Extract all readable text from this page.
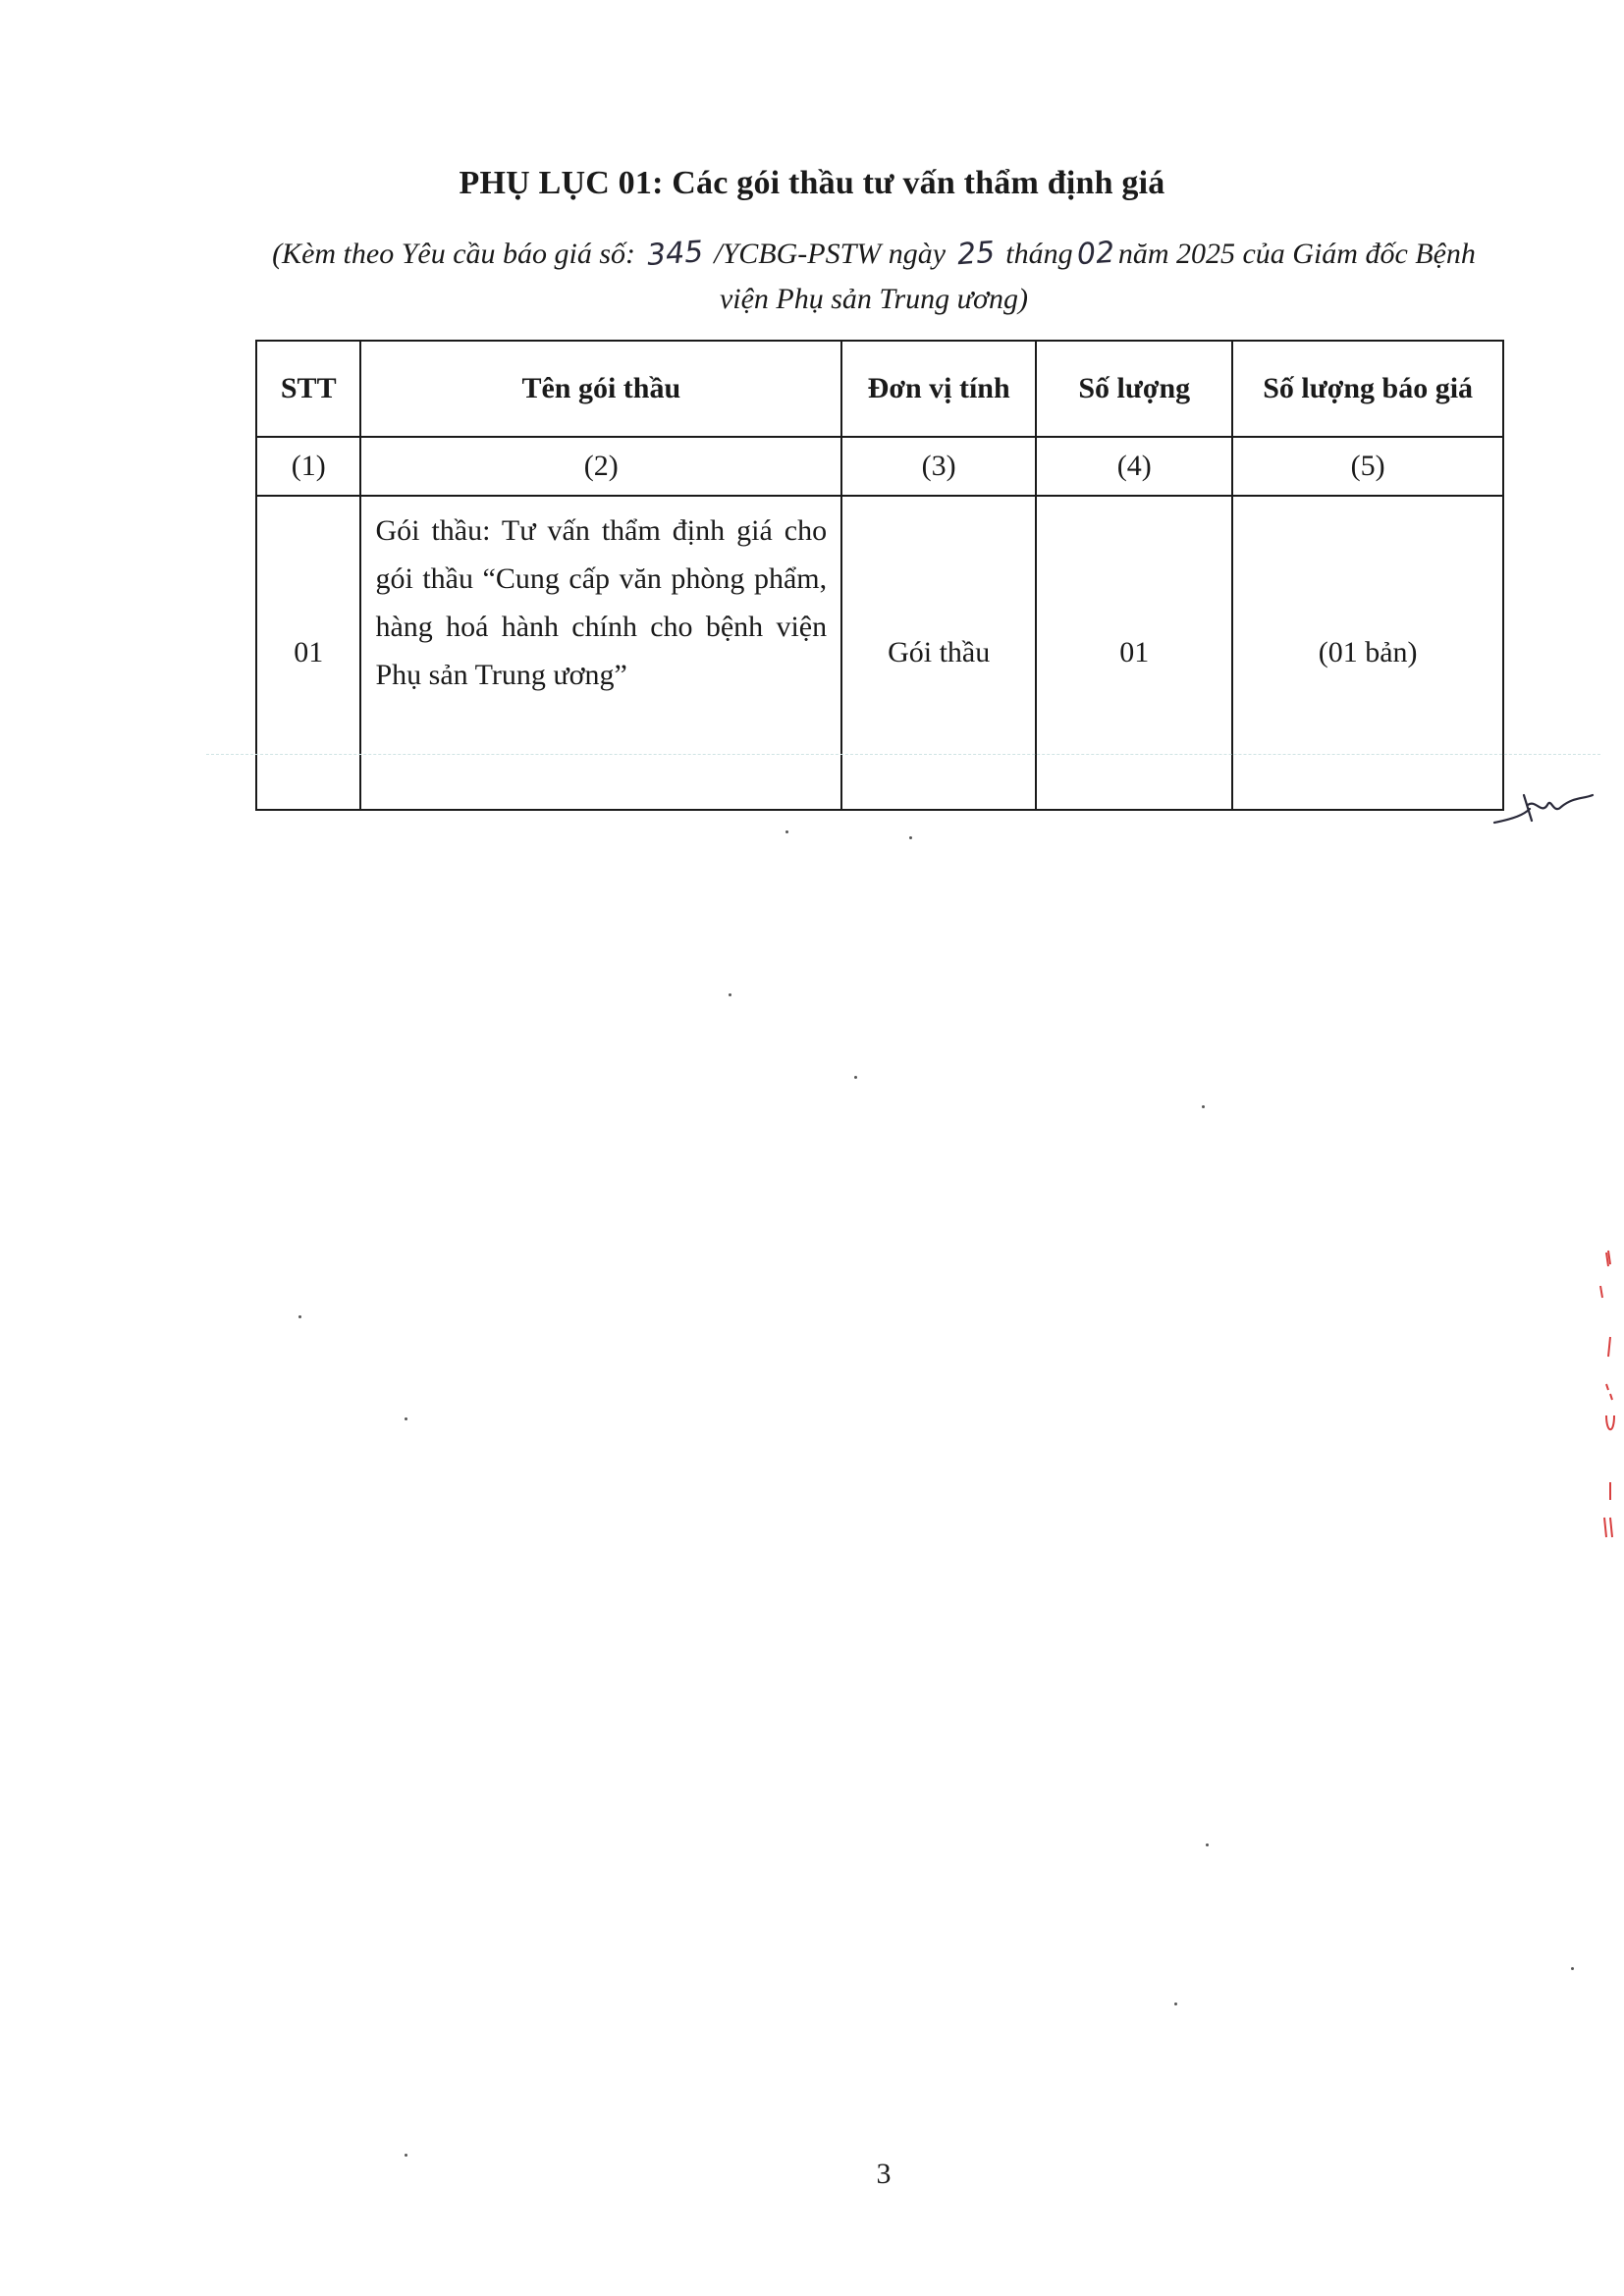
PHỤ LỤC 01: Các gói thầu tư vấn thẩm định giá
(Kèm theo Yêu cầu báo giá số: 345 /YCBG-PSTW ngày 25 tháng02năm 2025 của Giám đốc Bệnh viện Phụ sản Trung ương)
STT	Tên gói thầu	Đơn vị tính	Số lượng	Số lượng báo giá
(1)	(2)	(3)	(4)	(5)
01	Gói thầu: Tư vấn thẩm định giá cho gói thầu “Cung cấp văn phòng phẩm, hàng hoá hành chính cho bệnh viện Phụ sản Trung ương”	Gói thầu	01	(01 bản)
3
